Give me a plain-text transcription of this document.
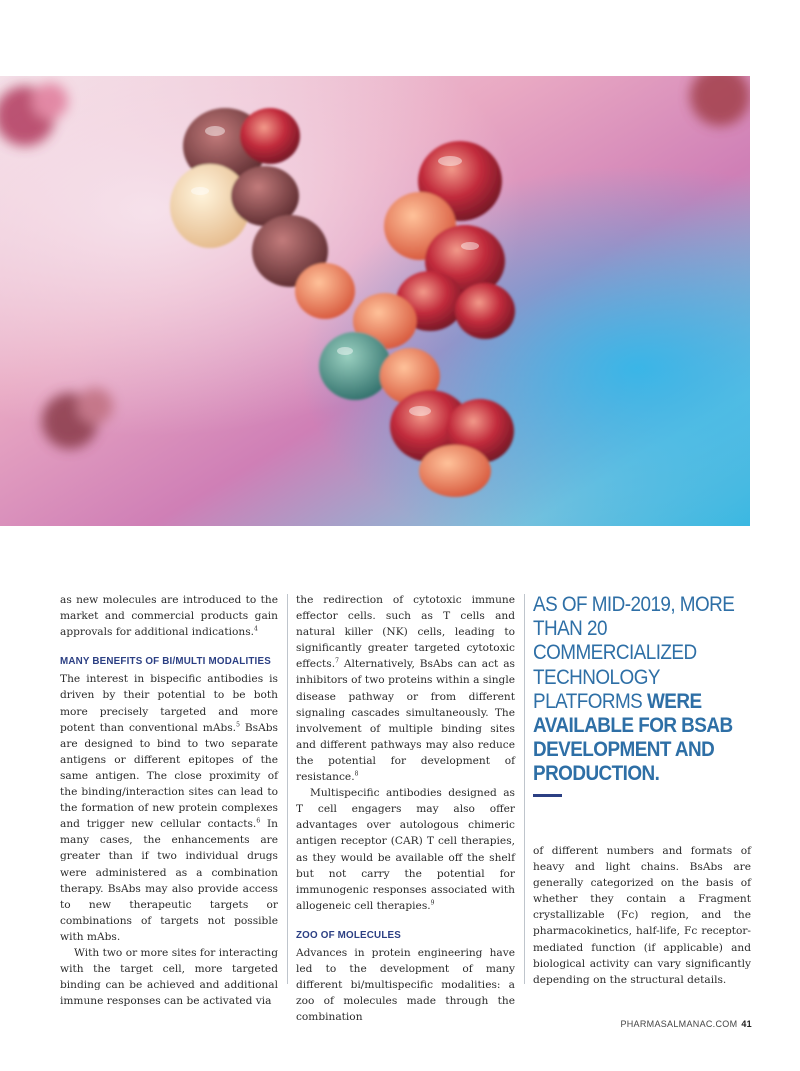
as new molecules are introduced to the market and commercial products gain approvals for additional indications.$^4$

MANY BENEFITS OF BI/MULTI MODALITIES

The interest in bispecific antibodies is driven by their potential to be both more precisely targeted and more potent than conventional mAbs.$^5$ BsAbs are designed to bind to two separate antigens or different epitopes of the same antigen. The close proximity of the binding/interaction sites can lead to the formation of new protein complexes and trigger new cellular contacts.$^6$ In many cases, the enhancements are greater than if two individual drugs were administered as a combination therapy. BsAbs may also provide access to new therapeutic targets or combinations of targets not possible with mAbs.

With two or more sites for interacting with the target cell, more targeted binding can be achieved and additional immune responses can be activated via

the redirection of cytotoxic immune effector cells. such as T cells and natural killer (NK) cells, leading to significantly greater targeted cytotoxic effects.$^7$ Alternatively, BsAbs can act as inhibitors of two proteins within a single disease pathway or from different signaling cascades simultaneously. The involvement of multiple binding sites and different pathways may also reduce the potential for development of resistance.$^8$

Multispecific antibodies designed as T cell engagers may also offer advantages over autologous chimeric antigen receptor (CAR) T cell therapies, as they would be available off the shelf but not carry the potential for immunogenic responses associated with allogeneic cell therapies.$^9$

ZOO OF MOLECULES

Advances in protein engineering have led to the development of many different bi/multispecific modalities: a zoo of molecules made through the combination

AS OF MID-2019, MORE THAN 20 COMMERCIALIZED TECHNOLOGY PLATFORMS WERE AVAILABLE FOR BSAB DEVELOPMENT AND PRODUCTION.

of different numbers and formats of heavy and light chains. BsAbs are generally categorized on the basis of whether they contain a Fragment crystallizable (Fc) region, and the pharmacokinetics, half-life, Fc receptor-mediated function (if applicable) and biological activity can vary significantly depending on the structural details.

PHARMASALMANAC.COM 41
